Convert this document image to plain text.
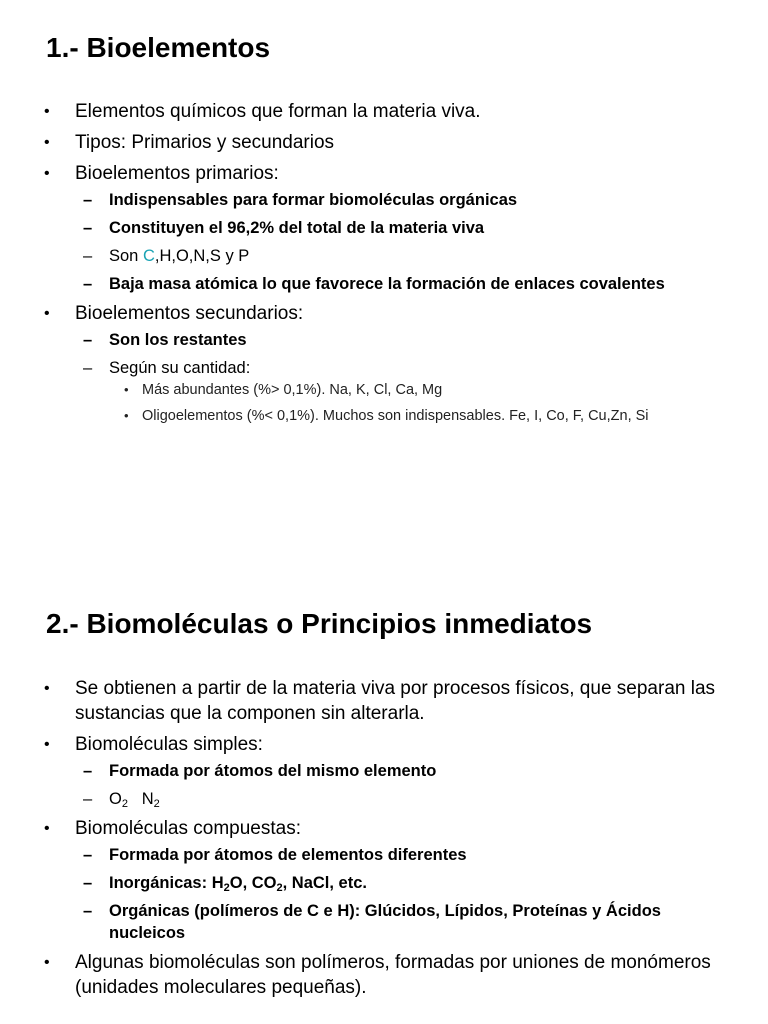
1.- Bioelementos
• Elementos químicos que forman la materia viva.
• Tipos: Primarios y secundarios
• Bioelementos primarios:
– Indispensables para formar biomoléculas orgánicas
– Constituyen el 96,2% del total de la materia viva
– Son C,H,O,N,S y P
– Baja masa atómica lo que favorece la formación de enlaces covalentes
• Bioelementos secundarios:
– Son los restantes
– Según su cantidad:
• Más abundantes (%> 0,1%). Na, K, Cl, Ca, Mg
• Oligoelementos (%< 0,1%). Muchos son indispensables. Fe, I, Co, F, Cu,Zn, Si
2.- Biomoléculas o Principios inmediatos
• Se obtienen a partir de la materia viva por procesos físicos, que separan las sustancias que la componen sin alterarla.
• Biomoléculas simples:
– Formada por átomos del mismo elemento
– $O_2$ $N_2$
• Biomoléculas compuestas:
– Formada por átomos de elementos diferentes
– Inorgánicas: $H_2O$, $CO_2$, NaCl, etc.
– Orgánicas (polímeros de C e H): Glúcidos, Lípidos, Proteínas y Ácidos nucleicos
• Algunas biomoléculas son polímeros, formadas por uniones de monómeros (unidades moleculares pequeñas).
